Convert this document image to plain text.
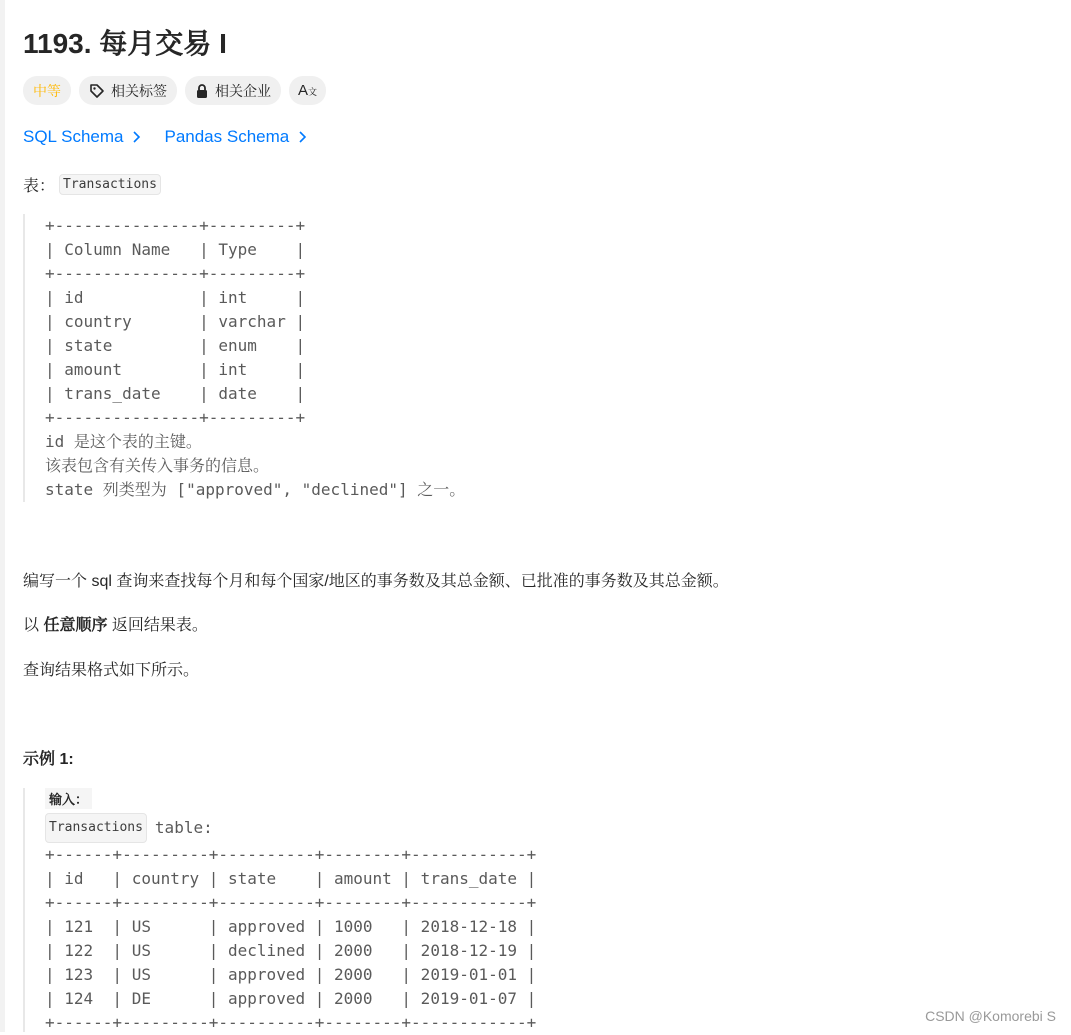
1193. 每月交易 I
中等	相关标签	相关企业 A 文
SQL Schema Pandas Schema
表： Transactions
+---------------+---------+
| Column Name   | Type    |
+---------------+---------+
| id            | int     |
| country       | varchar |
| state         | enum    |
| amount        | int     |
| trans_date    | date    |
+---------------+---------+
id 是这个表的主键。
该表包含有关传入事务的信息。
state 列类型为 ["approved", "declined"] 之一。

编写一个 sql 查询来查找每个月和每个国家/地区的事务数及其总金额、已批准的事务数及其总金额。

以 任意顺序 返回结果表。

查询结果格式如下所示。

示例 1:
输入：
Transactions table:
+------+---------+----------+--------+------------+
| id   | country | state    | amount | trans_date |
+------+---------+----------+--------+------------+
| 121  | US      | approved | 1000   | 2018-12-18 |
| 122  | US      | declined | 2000   | 2018-12-19 |
| 123  | US      | approved | 2000   | 2019-01-01 |
| 124  | DE      | approved | 2000   | 2019-01-07 |
+------+---------+----------+--------+------------+	CSDN @Komorebi S
